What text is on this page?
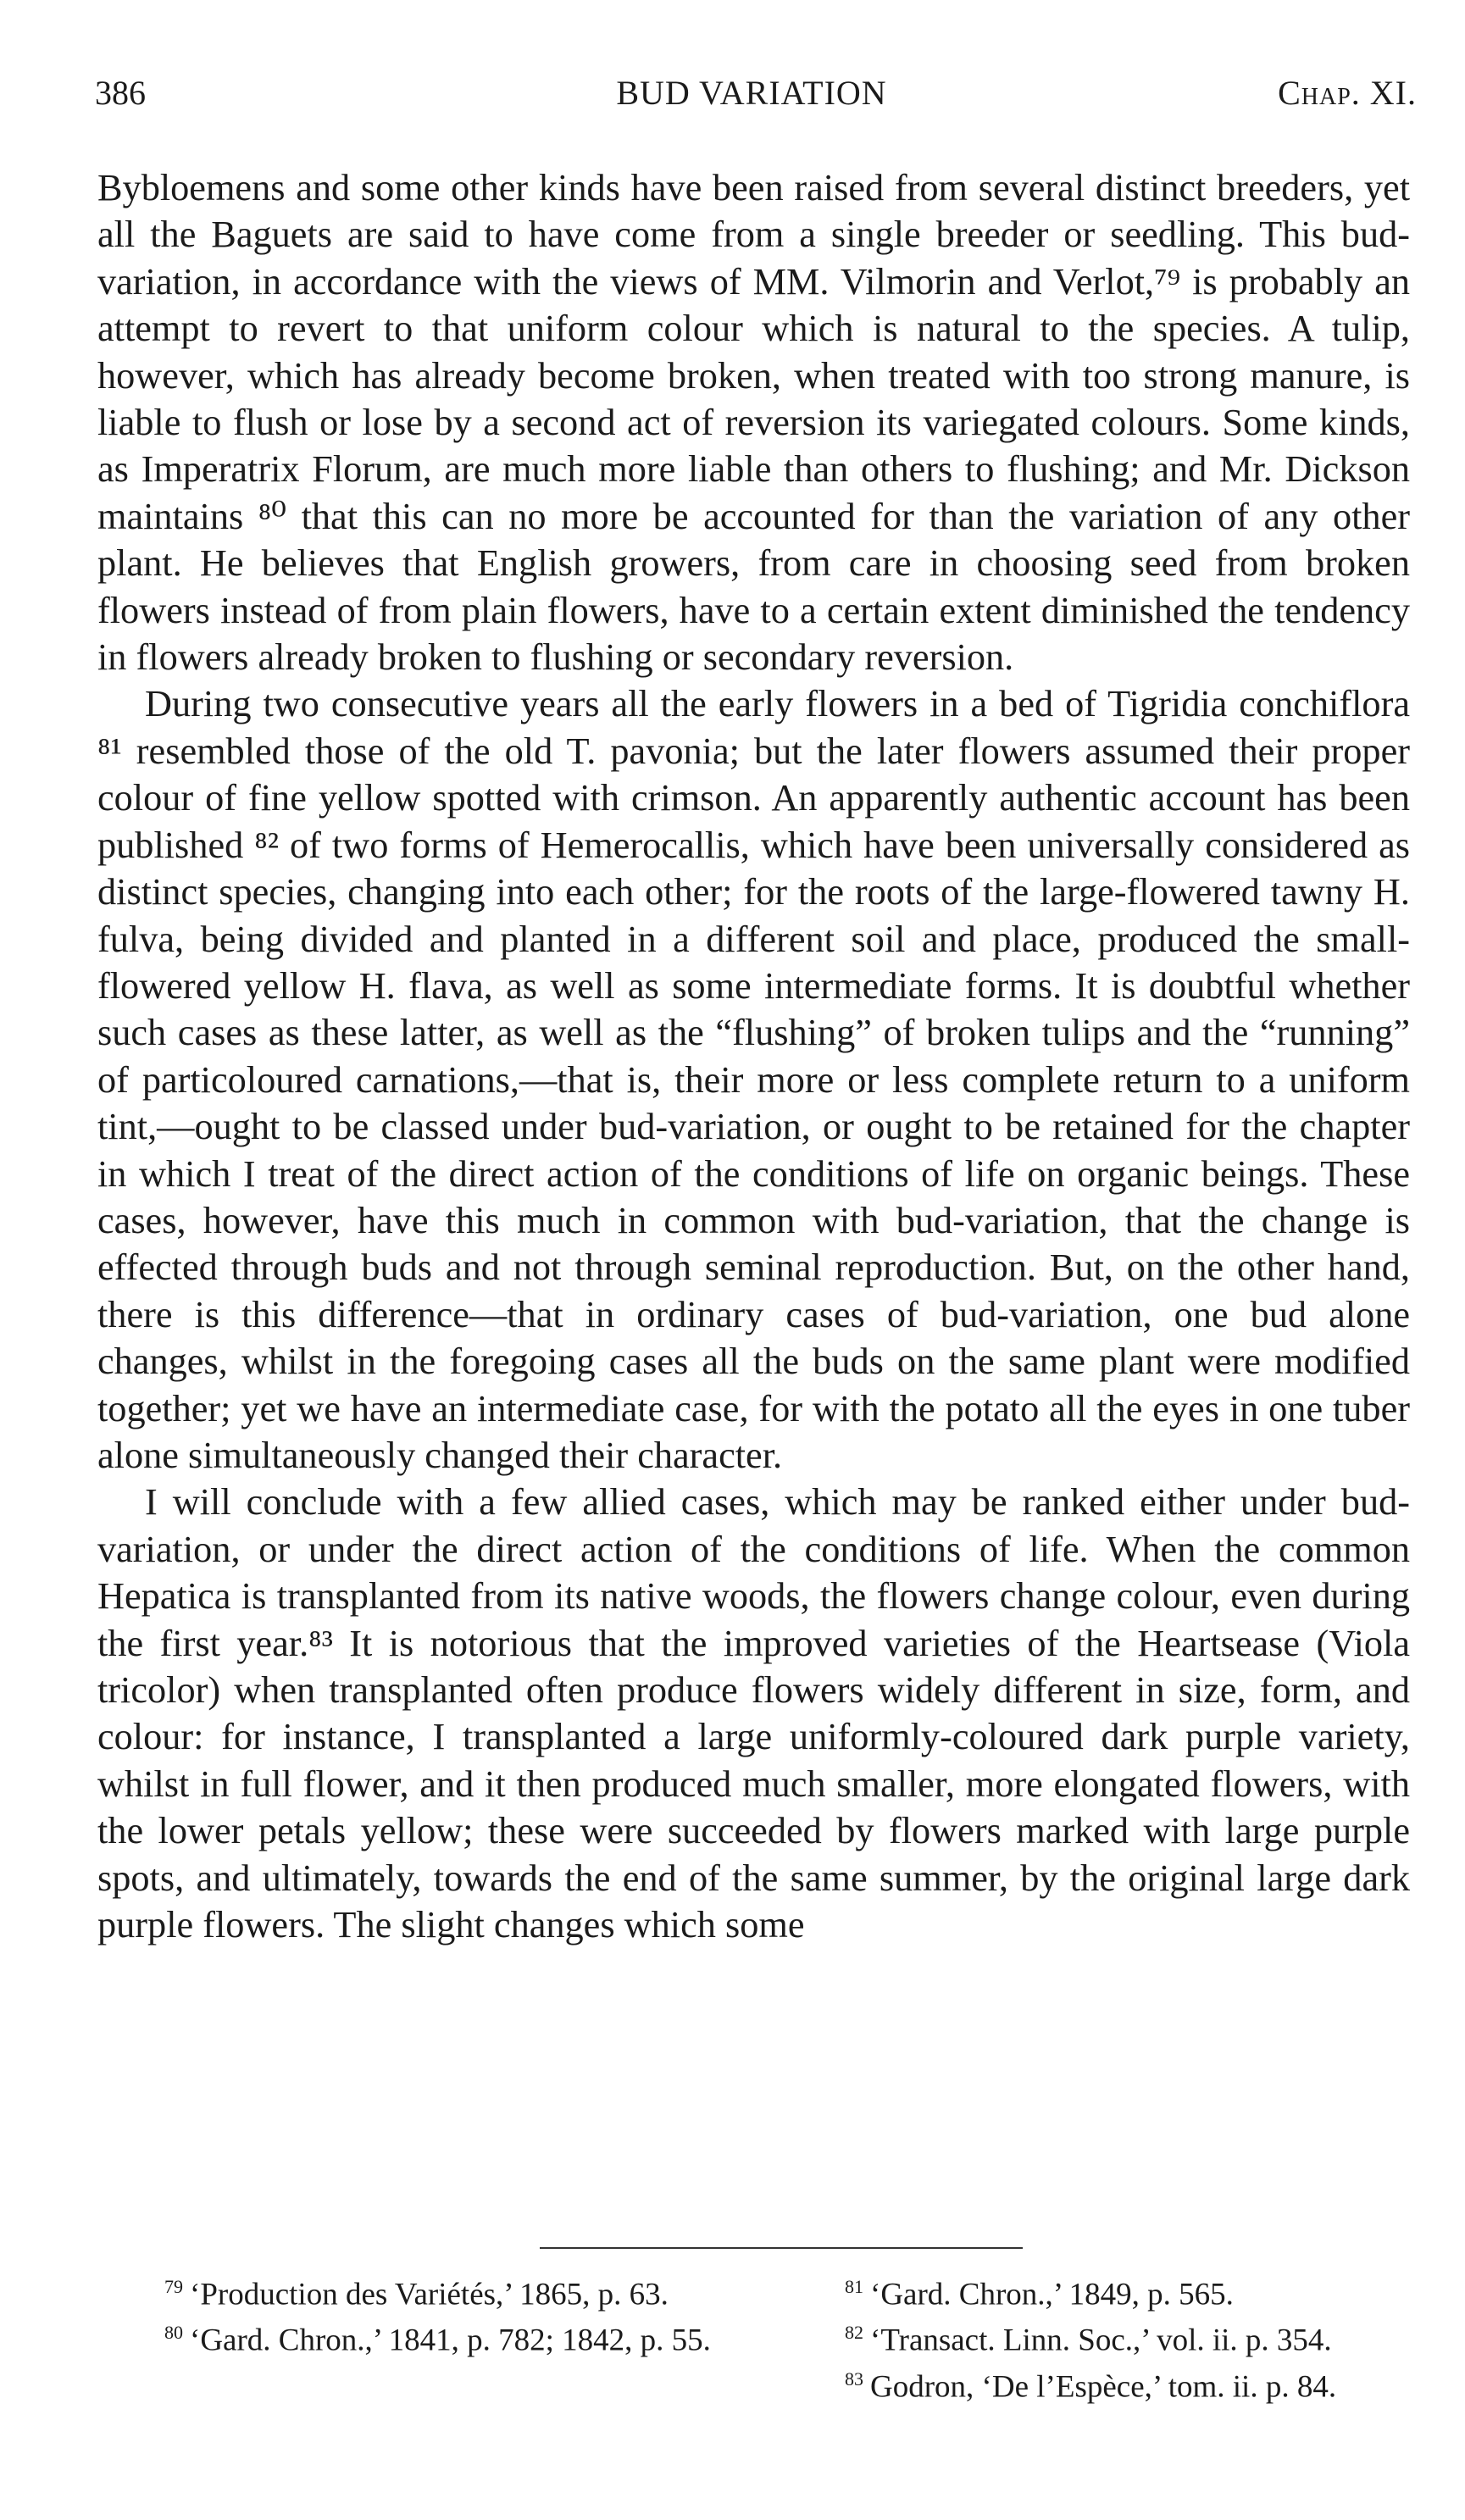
386	BUD VARIATION	Chap. XI.

Bybloemens and some other kinds have been raised from several distinct breeders, yet all the Baguets are said to have come from a single breeder or seedling. This bud-variation, in accordance with the views of MM. Vilmorin and Verlot,⁷⁹ is probably an attempt to revert to that uniform colour which is natural to the species. A tulip, however, which has already become broken, when treated with too strong manure, is liable to flush or lose by a second act of reversion its variegated colours. Some kinds, as Imperatrix Florum, are much more liable than others to flushing; and Mr. Dickson maintains ⁸⁰ that this can no more be accounted for than the variation of any other plant. He believes that English growers, from care in choosing seed from broken flowers instead of from plain flowers, have to a certain extent diminished the tendency in flowers already broken to flushing or secondary reversion.

During two consecutive years all the early flowers in a bed of Tigridia conchiflora ⁸¹ resembled those of the old T. pavonia; but the later flowers assumed their proper colour of fine yellow spotted with crimson. An apparently authentic account has been published ⁸² of two forms of Hemerocallis, which have been universally considered as distinct species, changing into each other; for the roots of the large-flowered tawny H. fulva, being divided and planted in a different soil and place, produced the small-flowered yellow H. flava, as well as some intermediate forms. It is doubtful whether such cases as these latter, as well as the “flushing” of broken tulips and the “running” of particoloured carnations,—that is, their more or less complete return to a uniform tint,—ought to be classed under bud-variation, or ought to be retained for the chapter in which I treat of the direct action of the conditions of life on organic beings. These cases, however, have this much in common with bud-variation, that the change is effected through buds and not through seminal reproduction. But, on the other hand, there is this difference—that in ordinary cases of bud-variation, one bud alone changes, whilst in the foregoing cases all the buds on the same plant were modified together; yet we have an intermediate case, for with the potato all the eyes in one tuber alone simultaneously changed their character.

I will conclude with a few allied cases, which may be ranked either under bud-variation, or under the direct action of the conditions of life. When the common Hepatica is transplanted from its native woods, the flowers change colour, even during the first year.⁸³ It is notorious that the improved varieties of the Heartsease (Viola tricolor) when transplanted often produce flowers widely different in size, form, and colour: for instance, I transplanted a large uniformly-coloured dark purple variety, whilst in full flower, and it then produced much smaller, more elongated flowers, with the lower petals yellow; these were succeeded by flowers marked with large purple spots, and ultimately, towards the end of the same summer, by the original large dark purple flowers. The slight changes which some

$^{79}$ ‘Production des Variétés,’ 1865, p. 63.

$^{80}$ ‘Gard. Chron.,’ 1841, p. 782; 1842, p. 55.

$^{81}$ ‘Gard. Chron.,’ 1849, p. 565.

$^{82}$ ‘Transact. Linn. Soc.,’ vol. ii. p. 354.

$^{83}$ Godron, ‘De l’Espèce,’ tom. ii. p. 84.
